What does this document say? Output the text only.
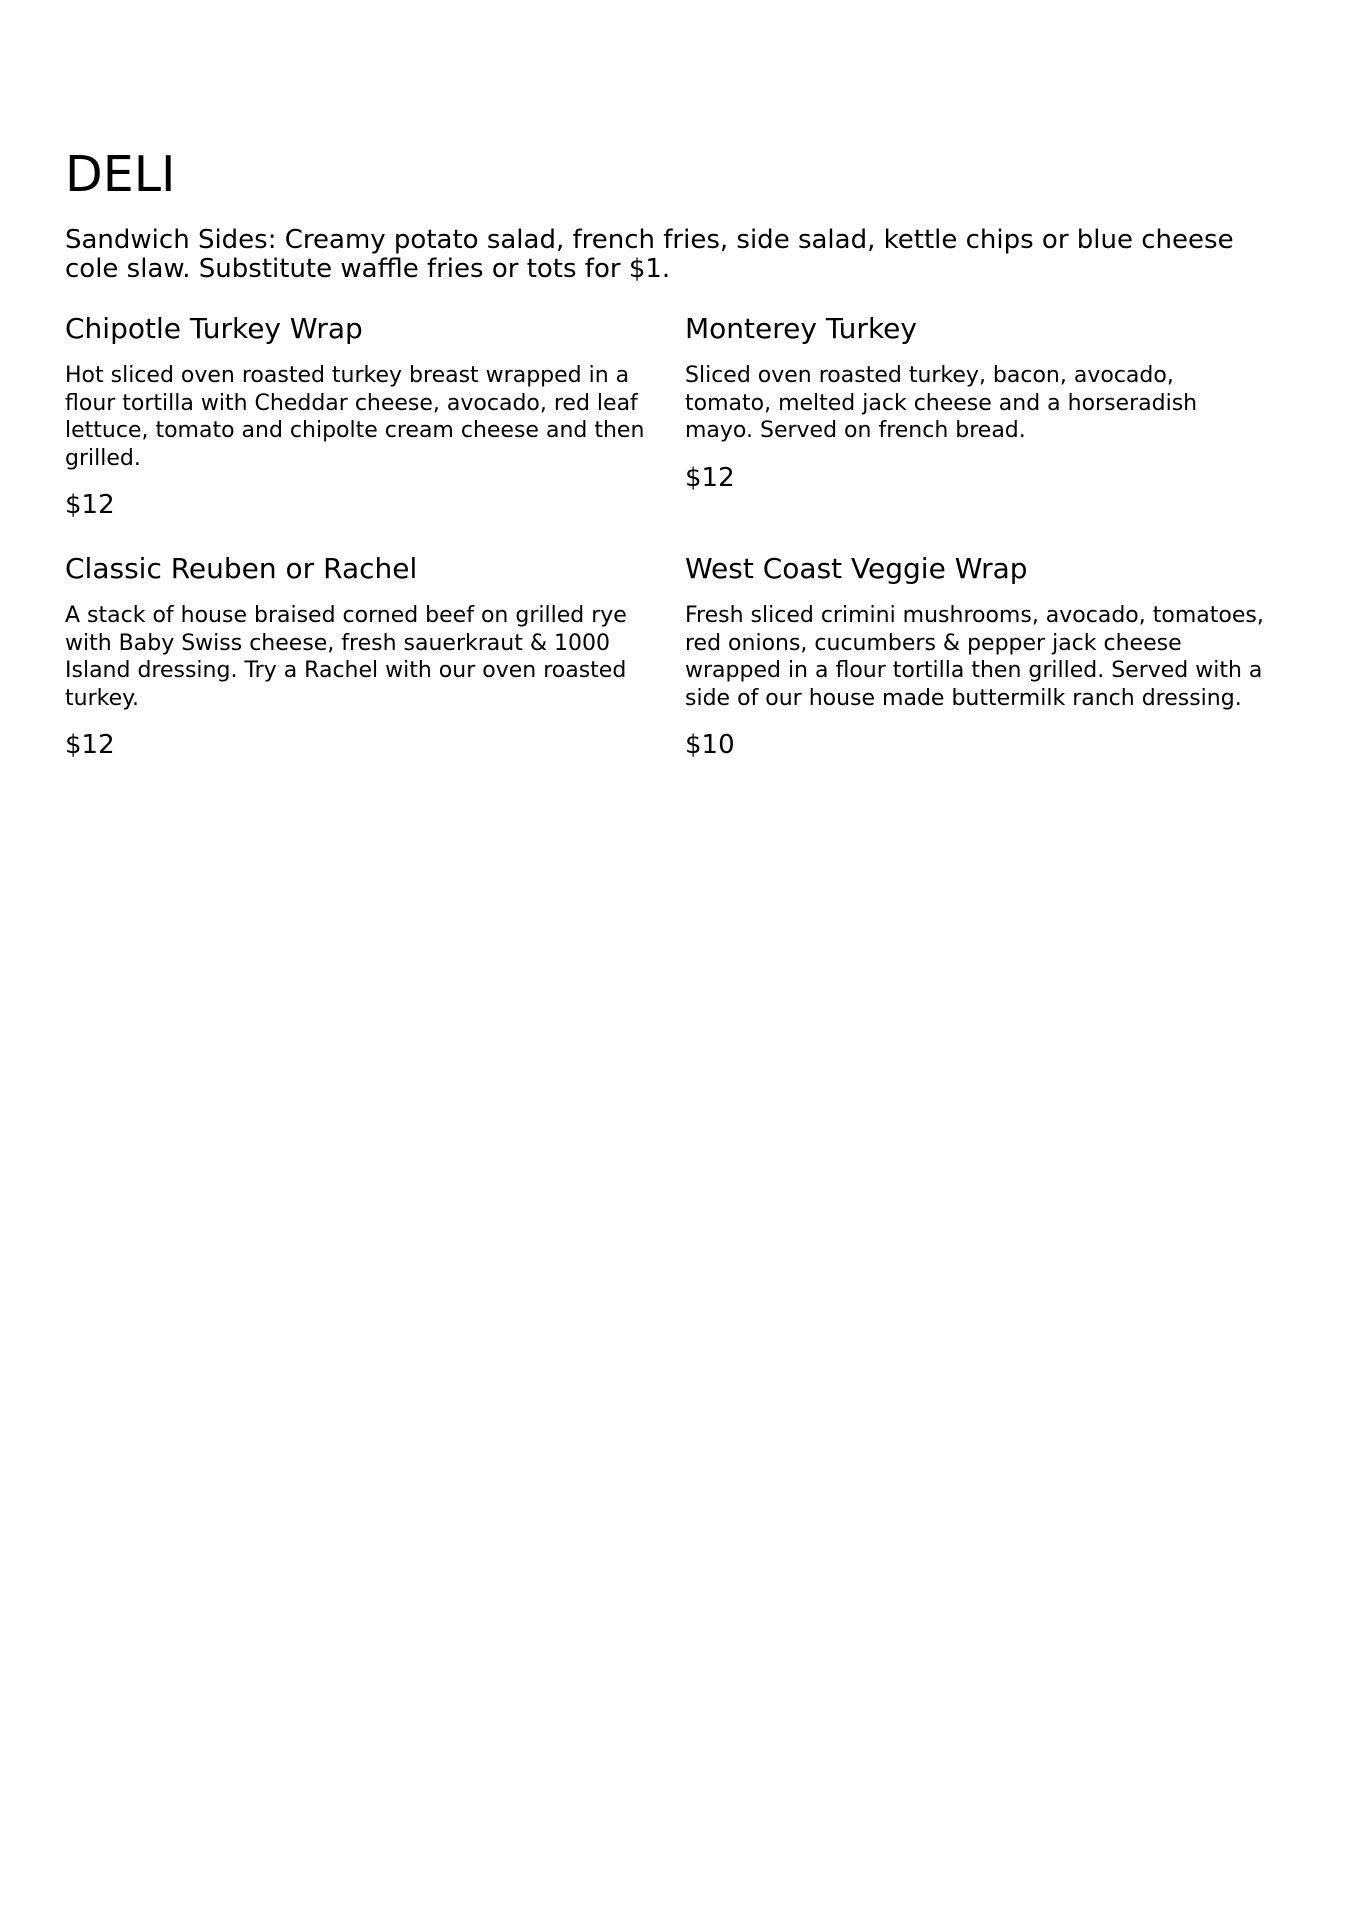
DELI
Sandwich Sides: Creamy potato salad, french fries, side salad, kettle chips or blue cheese cole slaw. Substitute waffle fries or tots for $1.
Chipotle Turkey Wrap
Hot sliced oven roasted turkey breast wrapped in a flour tortilla with Cheddar cheese, avocado, red leaf lettuce, tomato and chipolte cream cheese and then grilled.
$12
Monterey Turkey
Sliced oven roasted turkey, bacon, avocado, tomato, melted jack cheese and a horseradish mayo. Served on french bread.
$12
Classic Reuben or Rachel
A stack of house braised corned beef on grilled rye with Baby Swiss cheese, fresh sauerkraut & 1000 Island dressing. Try a Rachel with our oven roasted turkey.
$12
West Coast Veggie Wrap
Fresh sliced crimini mushrooms, avocado, tomatoes, red onions, cucumbers & pepper jack cheese wrapped in a flour tortilla then grilled. Served with a side of our house made buttermilk ranch dressing.
$10
